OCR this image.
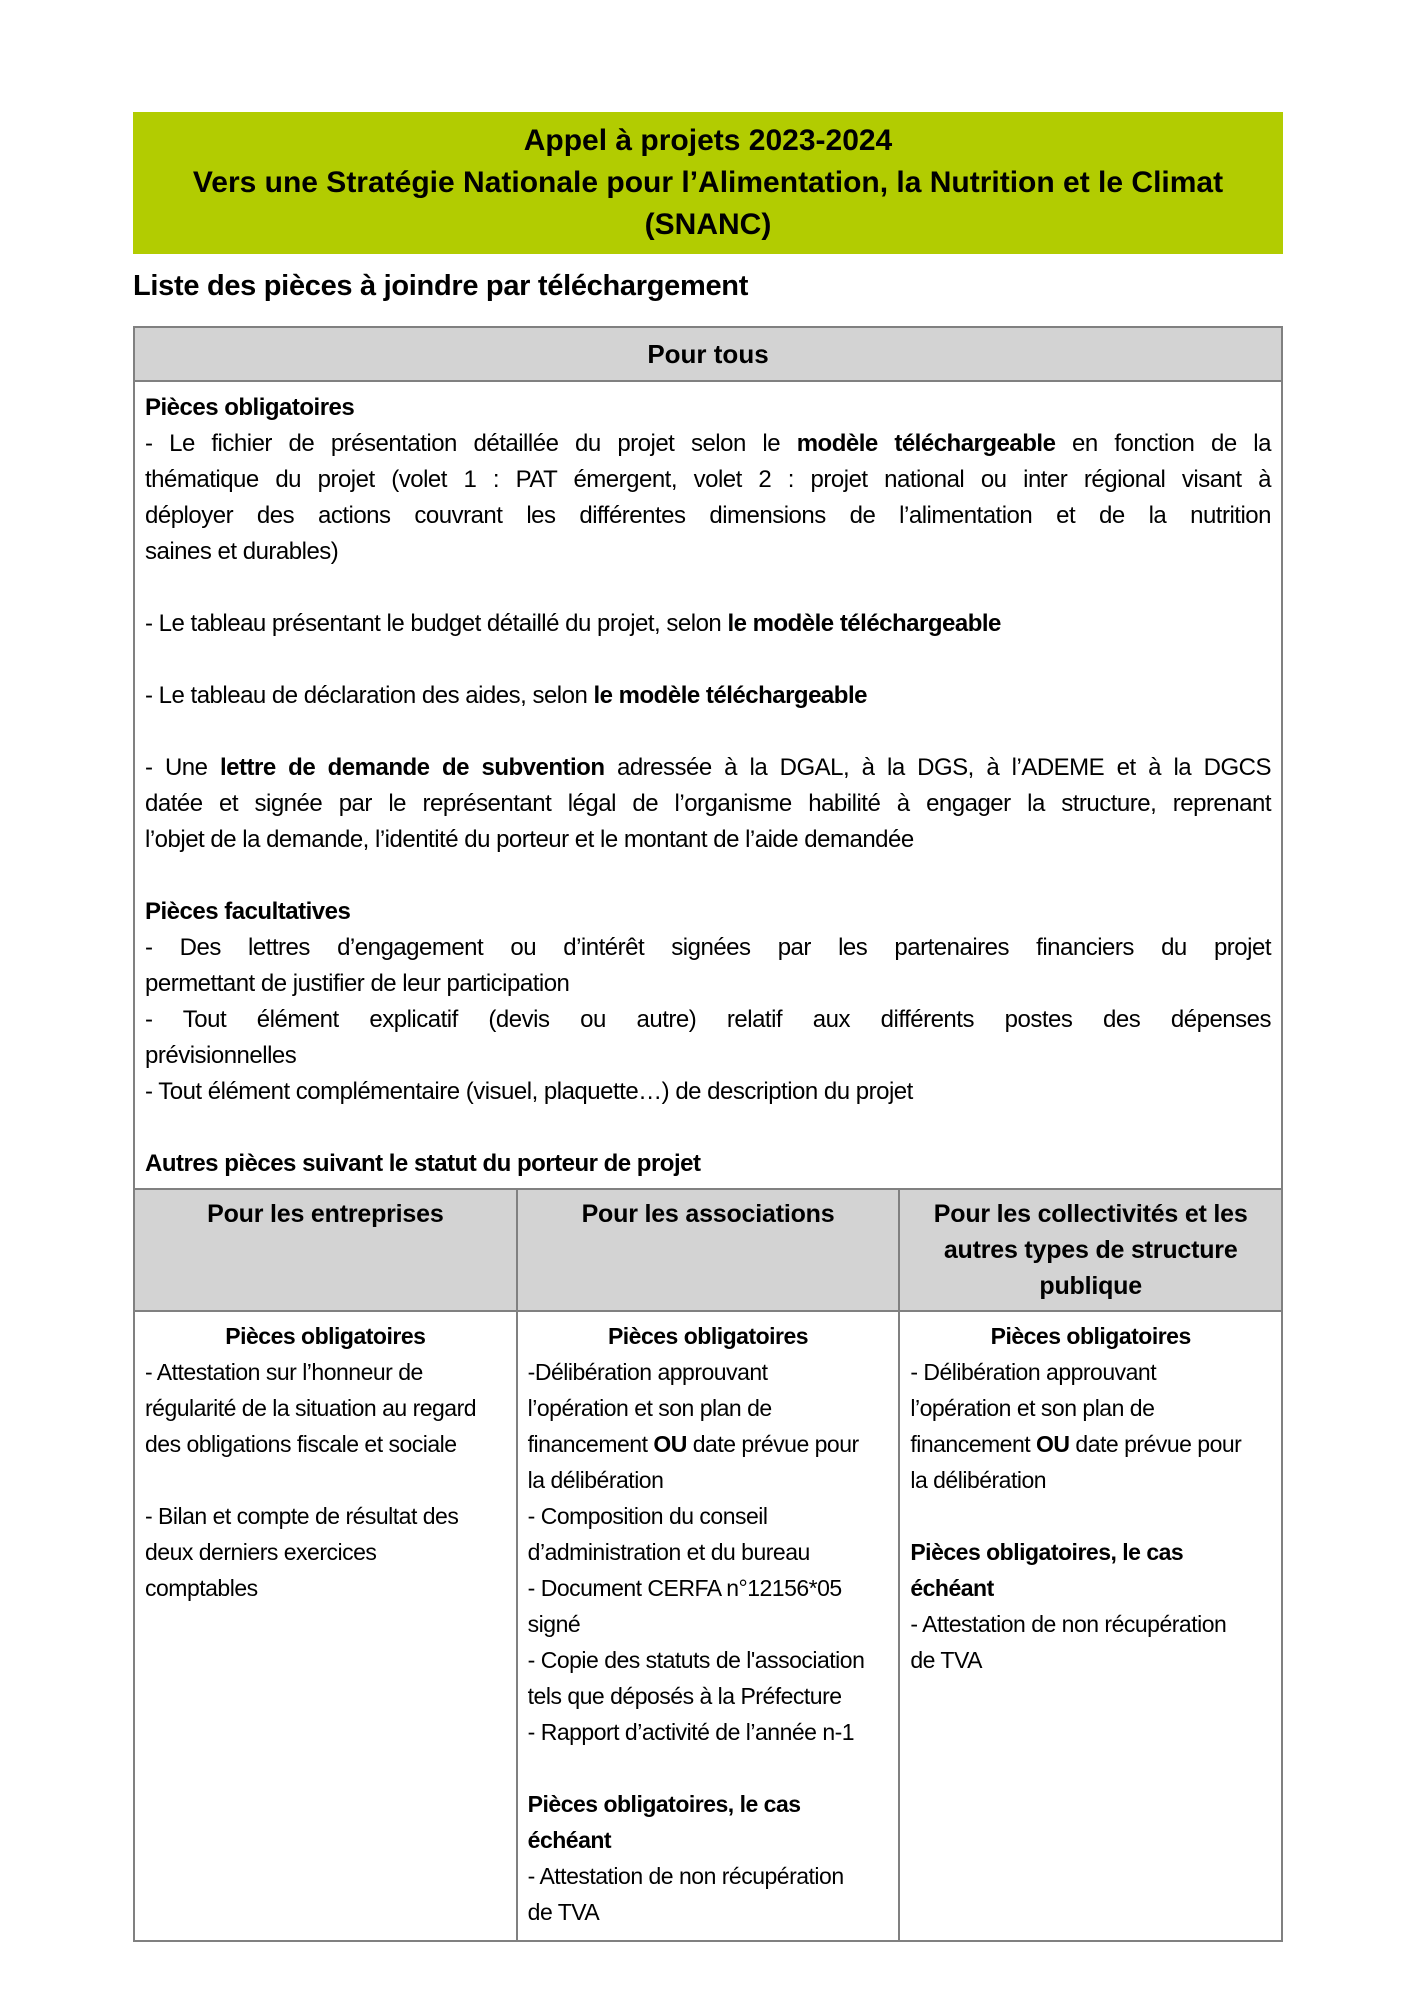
Appel à projets 2023-2024
Vers une Stratégie Nationale pour l’Alimentation, la Nutrition et le Climat (SNANC)
Liste des pièces à joindre par téléchargement
Pour tous
Pièces obligatoires
- Le fichier de présentation détaillée du projet selon le modèle téléchargeable en fonction de la
thématique du projet (volet 1 : PAT émergent, volet 2 : projet national ou inter régional visant à
déployer des actions couvrant les différentes dimensions de l’alimentation et de la nutrition
saines et durables)

- Le tableau présentant le budget détaillé du projet, selon le modèle téléchargeable

- Le tableau de déclaration des aides, selon le modèle téléchargeable

- Une lettre de demande de subvention adressée à la DGAL, à la DGS, à l’ADEME et à la DGCS
datée et signée par le représentant légal de l’organisme habilité à engager la structure, reprenant
l’objet de la demande, l’identité du porteur et le montant de l’aide demandée

Pièces facultatives
- Des lettres d’engagement ou d’intérêt signées par les partenaires financiers du projet
permettant de justifier de leur participation
- Tout élément explicatif (devis ou autre) relatif aux différents postes des dépenses
prévisionnelles
- Tout élément complémentaire (visuel, plaquette…) de description du projet

Autres pièces suivant le statut du porteur de projet
Pour les entreprises	Pour les associations	Pour les collectivités et les autres types de structure publique
Pièces obligatoires
- Attestation sur l’honneur de
régularité de la situation au regard
des obligations fiscale et sociale

- Bilan et compte de résultat des
deux derniers exercices
comptables
Pièces obligatoires
-Délibération approuvant
l’opération et son plan de
financement OU date prévue pour
la délibération
- Composition du conseil
d’administration et du bureau
- Document CERFA n°12156*05
signé
- Copie des statuts de l'association
tels que déposés à la Préfecture
- Rapport d’activité de l’année n-1

Pièces obligatoires, le cas échéant
- Attestation de non récupération
de TVA
Pièces obligatoires
- Délibération approuvant
l’opération et son plan de
financement OU date prévue pour
la délibération

Pièces obligatoires, le cas échéant
- Attestation de non récupération
de TVA
